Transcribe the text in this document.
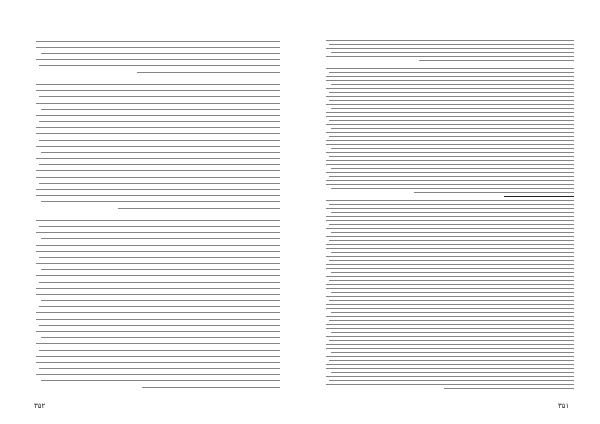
۳۵۲	۳۵۱
